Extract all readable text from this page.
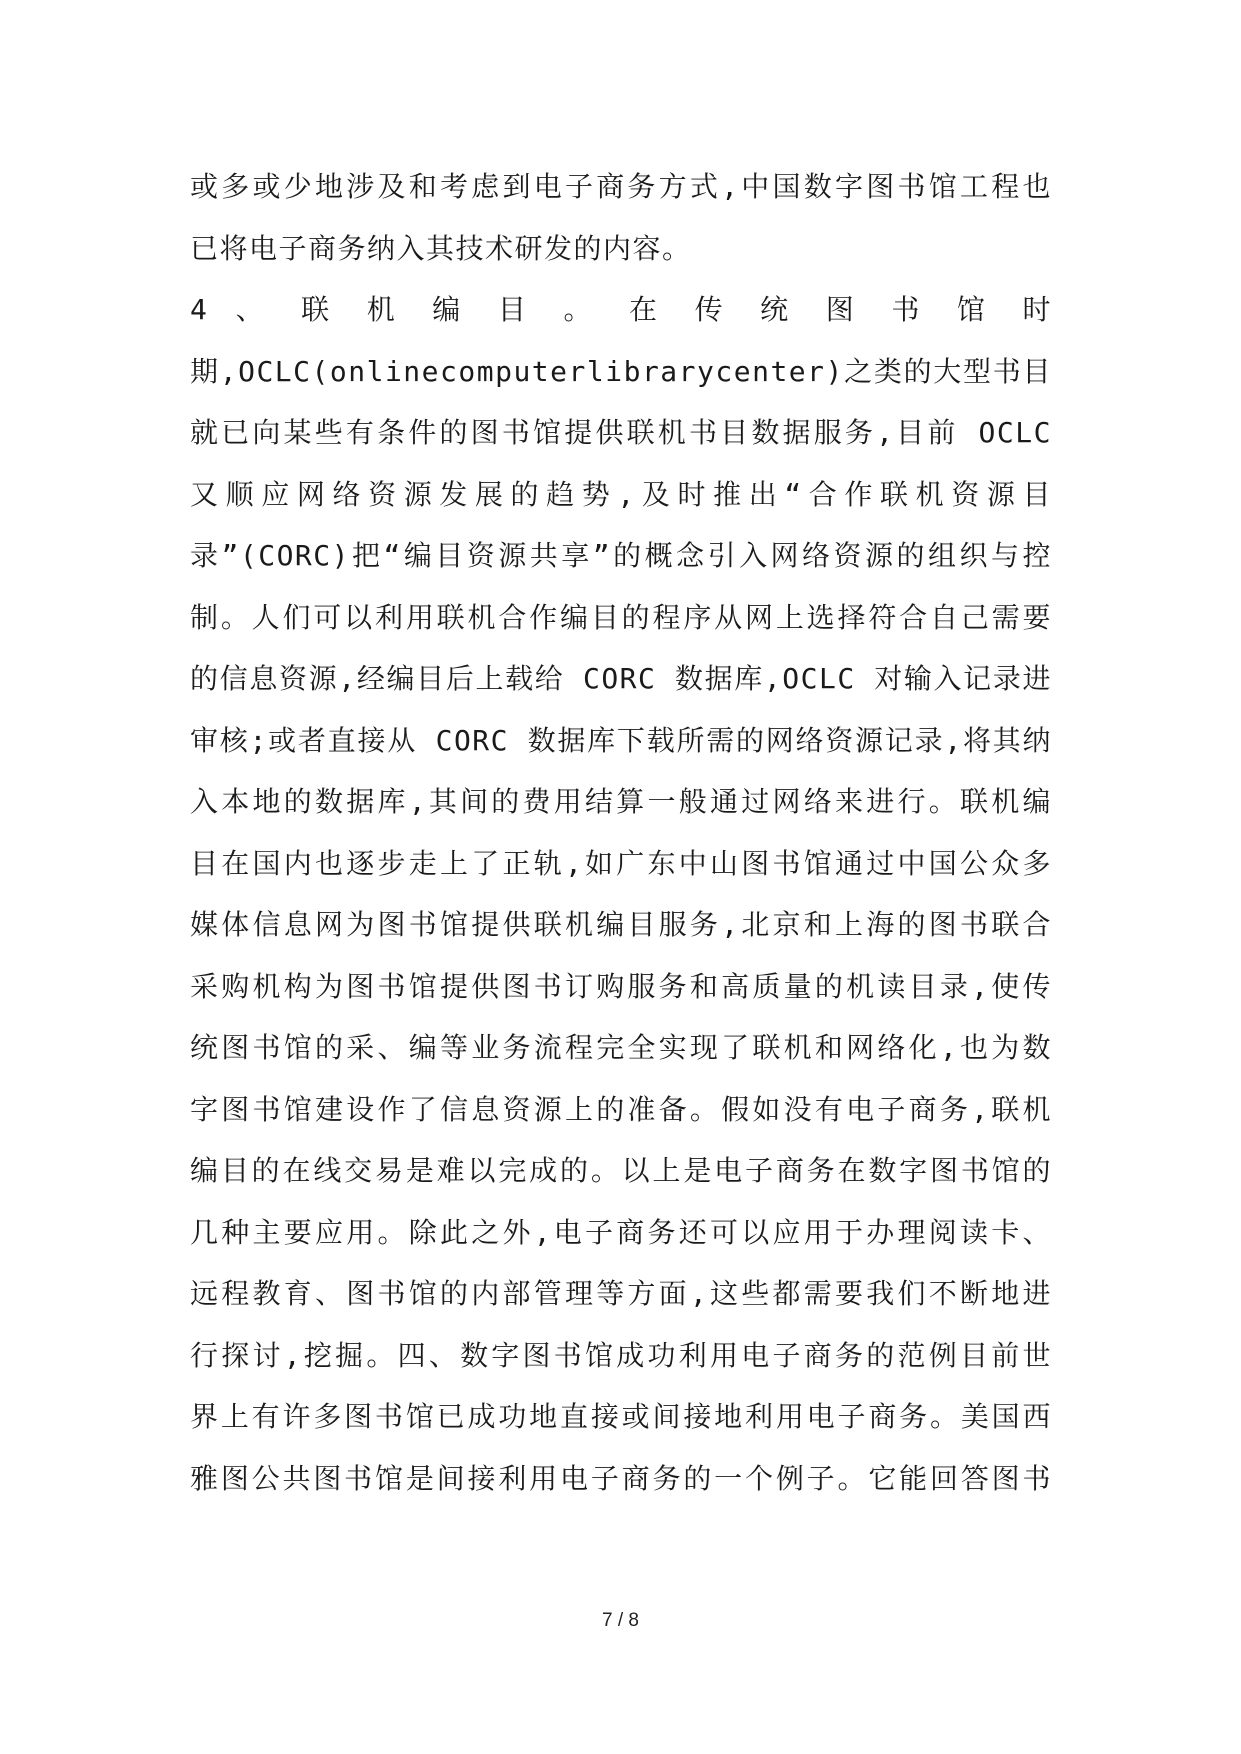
或多或少地涉及和考虑到电子商务方式,中国数字图书馆工程也
已将电子商务纳入其技术研发的内容。
4 、 联 机 编 目 。 在 传 统 图 书 馆 时
期,OCLC(onlinecomputerlibrarycenter)之类的大型书目
就已向某些有条件的图书馆提供联机书目数据服务,目前 OCLC
又顺应网络资源发展的趋势,及时推出“合作联机资源目
录”(CORC)把“编目资源共享”的概念引入网络资源的组织与控
制。人们可以利用联机合作编目的程序从网上选择符合自己需要
的信息资源,经编目后上载给 CORC 数据库,OCLC 对输入记录进
审核;或者直接从 CORC 数据库下载所需的网络资源记录,将其纳
入本地的数据库,其间的费用结算一般通过网络来进行。联机编
目在国内也逐步走上了正轨,如广东中山图书馆通过中国公众多
媒体信息网为图书馆提供联机编目服务,北京和上海的图书联合
采购机构为图书馆提供图书订购服务和高质量的机读目录,使传
统图书馆的采、编等业务流程完全实现了联机和网络化,也为数
字图书馆建设作了信息资源上的准备。假如没有电子商务,联机
编目的在线交易是难以完成的。以上是电子商务在数字图书馆的
几种主要应用。除此之外,电子商务还可以应用于办理阅读卡、
远程教育、图书馆的内部管理等方面,这些都需要我们不断地进
行探讨,挖掘。四、数字图书馆成功利用电子商务的范例目前世
界上有许多图书馆已成功地直接或间接地利用电子商务。美国西
雅图公共图书馆是间接利用电子商务的一个例子。它能回答图书
7 / 8
